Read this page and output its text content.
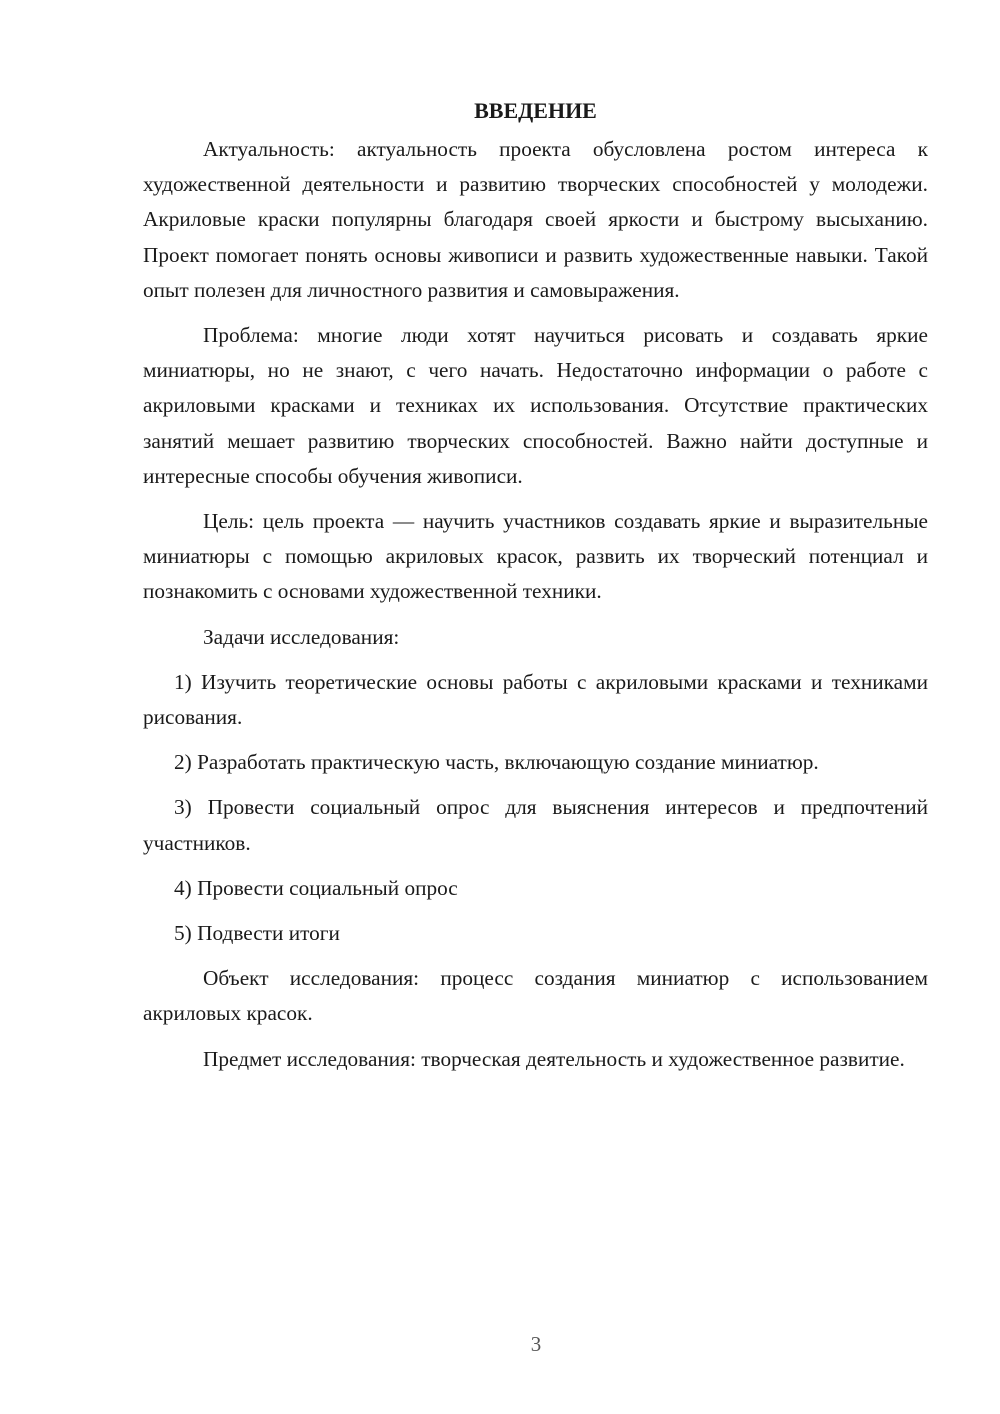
ВВЕДЕНИЕ

Актуальность: актуальность проекта обусловлена ростом интереса к художественной деятельности и развитию творческих способностей у молодежи. Акриловые краски популярны благодаря своей яркости и быстрому высыханию. Проект помогает понять основы живописи и развить художественные навыки. Такой опыт полезен для личностного развития и самовыражения.

Проблема: многие люди хотят научиться рисовать и создавать яркие миниатюры, но не знают, с чего начать. Недостаточно информации о работе с акриловыми красками и техниках их использования. Отсутствие практических занятий мешает развитию творческих способностей. Важно найти доступные и интересные способы обучения живописи.

Цель: цель проекта — научить участников создавать яркие и выразительные миниатюры с помощью акриловых красок, развить их творческий потенциал и познакомить с основами художественной техники.

Задачи исследования:

1) Изучить теоретические основы работы с акриловыми красками и техниками рисования.

2) Разработать практическую часть, включающую создание миниатюр.

3) Провести социальный опрос для выяснения интересов и предпочтений участников.

4) Провести социальный опрос

5) Подвести итоги

Объект исследования: процесс создания миниатюр с использованием акриловых красок.

Предмет исследования: творческая деятельность и художественное развитие.

3
